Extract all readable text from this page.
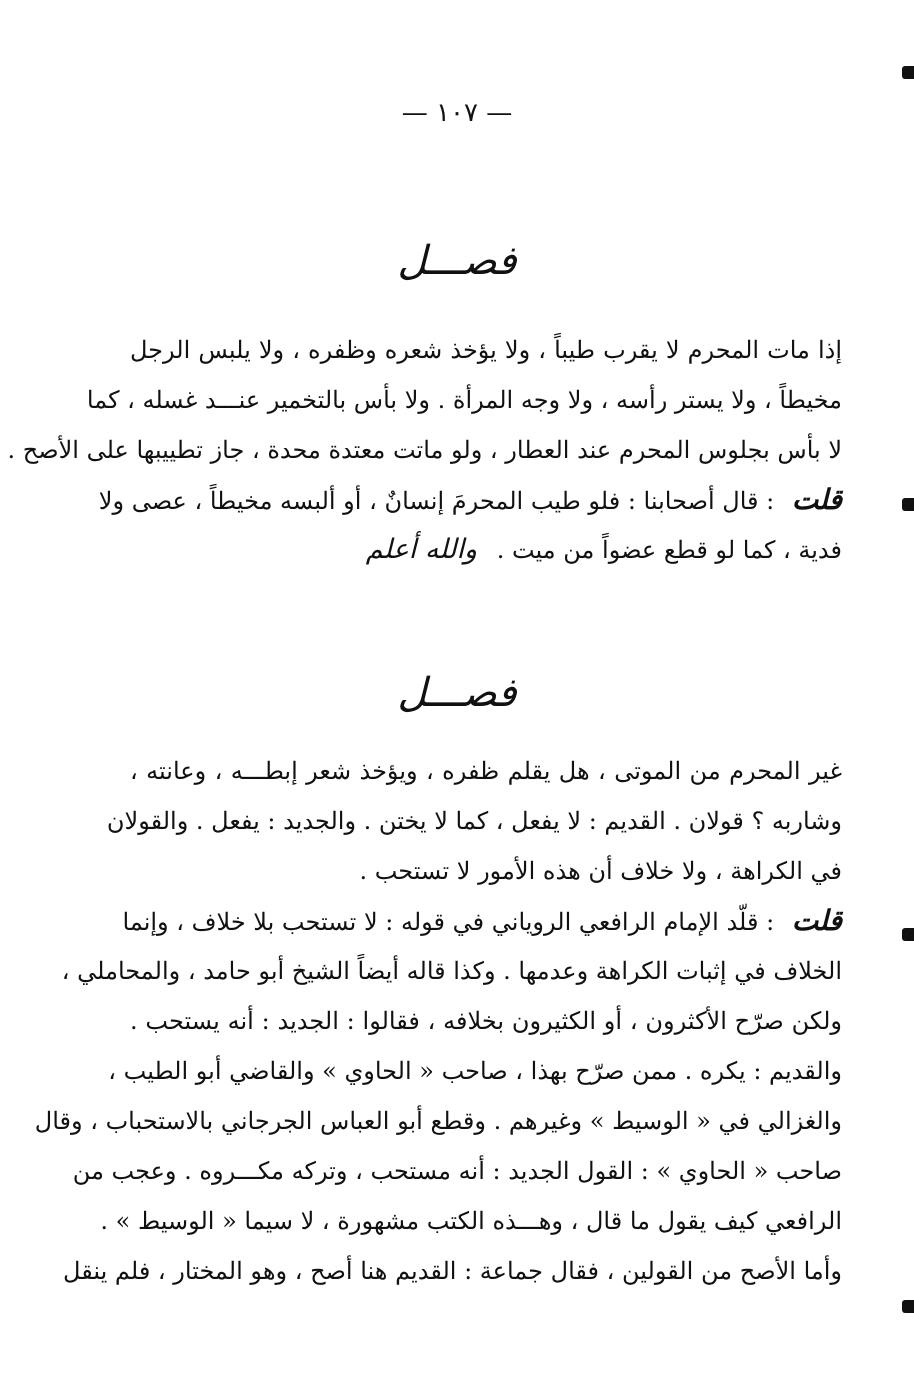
— ١٠٧ —
فصـــل
إذا مات المحرم لا يقرب طيباً ، ولا يؤخذ شعره وظفره ، ولا يلبس الرجل
مخيطاً ، ولا يستر رأسه ، ولا وجه المرأة . ولا بأس بالتخمير عنـــد غسله ، كما
لا بأس بجلوس المحرم عند العطار ، ولو ماتت معتدة محدة ، جاز تطييبها على الأصح .
قلت : قال أصحابنا : فلو طيب المحرمَ إنسانٌ ، أو ألبسه مخيطاً ، عصى ولا
فدية ، كما لو قطع عضواً من ميت . والله أعلم
فصـــل
غير المحرم من الموتى ، هل يقلم ظفره ، ويؤخذ شعر إبطـــه ، وعانته ،
وشاربه ؟ قولان . القديم : لا يفعل ، كما لا يختن . والجديد : يفعل . والقولان
في الكراهة ، ولا خلاف أن هذه الأمور لا تستحب .
قلت : قلّد الإمام الرافعي الروياني في قوله : لا تستحب بلا خلاف ، وإنما
الخلاف في إثبات الكراهة وعدمها . وكذا قاله أيضاً الشيخ أبو حامد ، والمحاملي ،
ولكن صرّح الأكثرون ، أو الكثيرون بخلافه ، فقالوا : الجديد : أنه يستحب .
والقديم : يكره . ممن صرّح بهذا ، صاحب « الحاوي » والقاضي أبو الطيب ،
والغزالي في « الوسيط » وغيرهم . وقطع أبو العباس الجرجاني بالاستحباب ، وقال
صاحب « الحاوي » : القول الجديد : أنه مستحب ، وتركه مكـــروه . وعجب من
الرافعي كيف يقول ما قال ، وهـــذه الكتب مشهورة ، لا سيما « الوسيط » .
وأما الأصح من القولين ، فقال جماعة : القديم هنا أصح ، وهو المختار ، فلم ينقل
